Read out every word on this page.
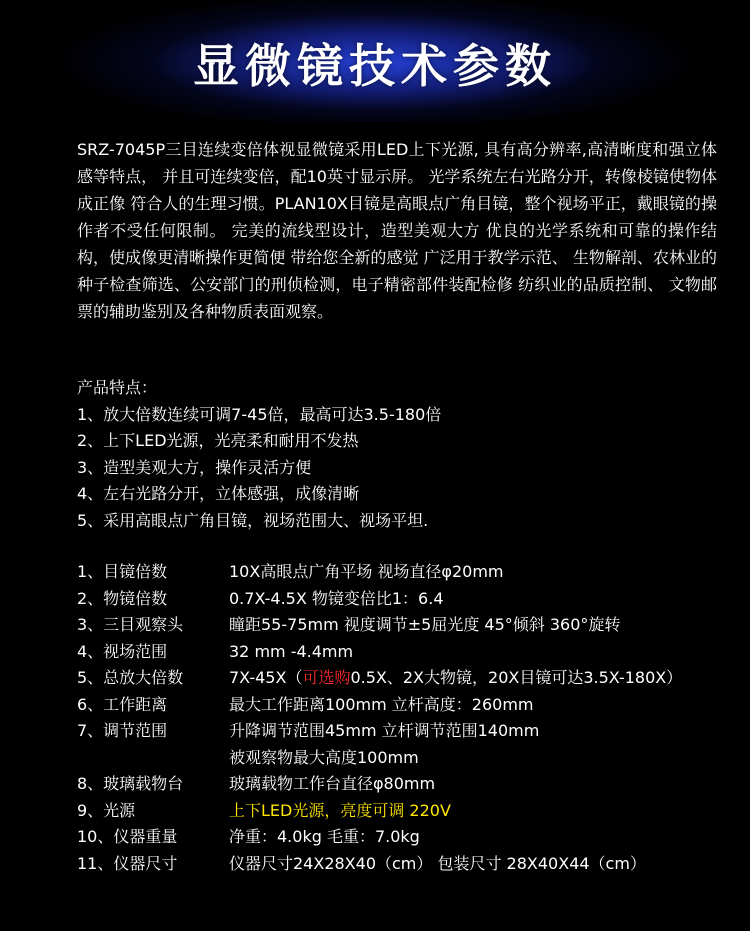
显微镜技术参数
SRZ-7045P三目连续变倍体视显微镜采用LED上下光源, 具有高分辨率,高清晰度和强立体感等特点， 并且可连续变倍，配10英寸显示屏。 光学系统左右光路分开，转像棱镜使物体成正像 符合人的生理习惯。PLAN10X目镜是高眼点广角目镜，整个视场平正，戴眼镜的操作者不受任何限制。 完美的流线型设计，造型美观大方 优良的光学系统和可靠的操作结构，使成像更清晰操作更简便 带给您全新的感觉 广泛用于教学示范、 生物解剖、农林业的种子检查筛选、公安部门的刑侦检测，电子精密部件装配检修 纺织业的品质控制、 文物邮票的辅助鉴别及各种物质表面观察。
产品特点：
1、放大倍数连续可调7-45倍，最高可达3.5-180倍
2、上下LED光源，光亮柔和耐用不发热
3、造型美观大方，操作灵活方便
4、左右光路分开，立体感强，成像清晰
5、采用高眼点广角目镜，视场范围大、视场平坦.
1、目镜倍数	10X高眼点广角平场 视场直径φ20mm
2、物镜倍数	0.7X-4.5X 物镜变倍比1：6.4
3、三目观察头	瞳距55-75mm 视度调节±5屈光度 45°倾斜 360°旋转
4、视场范围	32 mm -4.4mm
5、总放大倍数	7X-45X（可选购0.5X、2X大物镜，20X目镜可达3.5X-180X）
6、工作距离	最大工作距离100mm 立杆高度：260mm
7、调节范围	升降调节范围45mm 立杆调节范围140mm
被观察物最大高度100mm
8、玻璃载物台	玻璃载物工作台直径φ80mm
9、光源	上下LED光源，亮度可调 220V
10、仪器重量	净重：4.0kg 毛重：7.0kg
11、仪器尺寸	仪器尺寸24X28X40（cm） 包装尺寸 28X40X44（cm）
